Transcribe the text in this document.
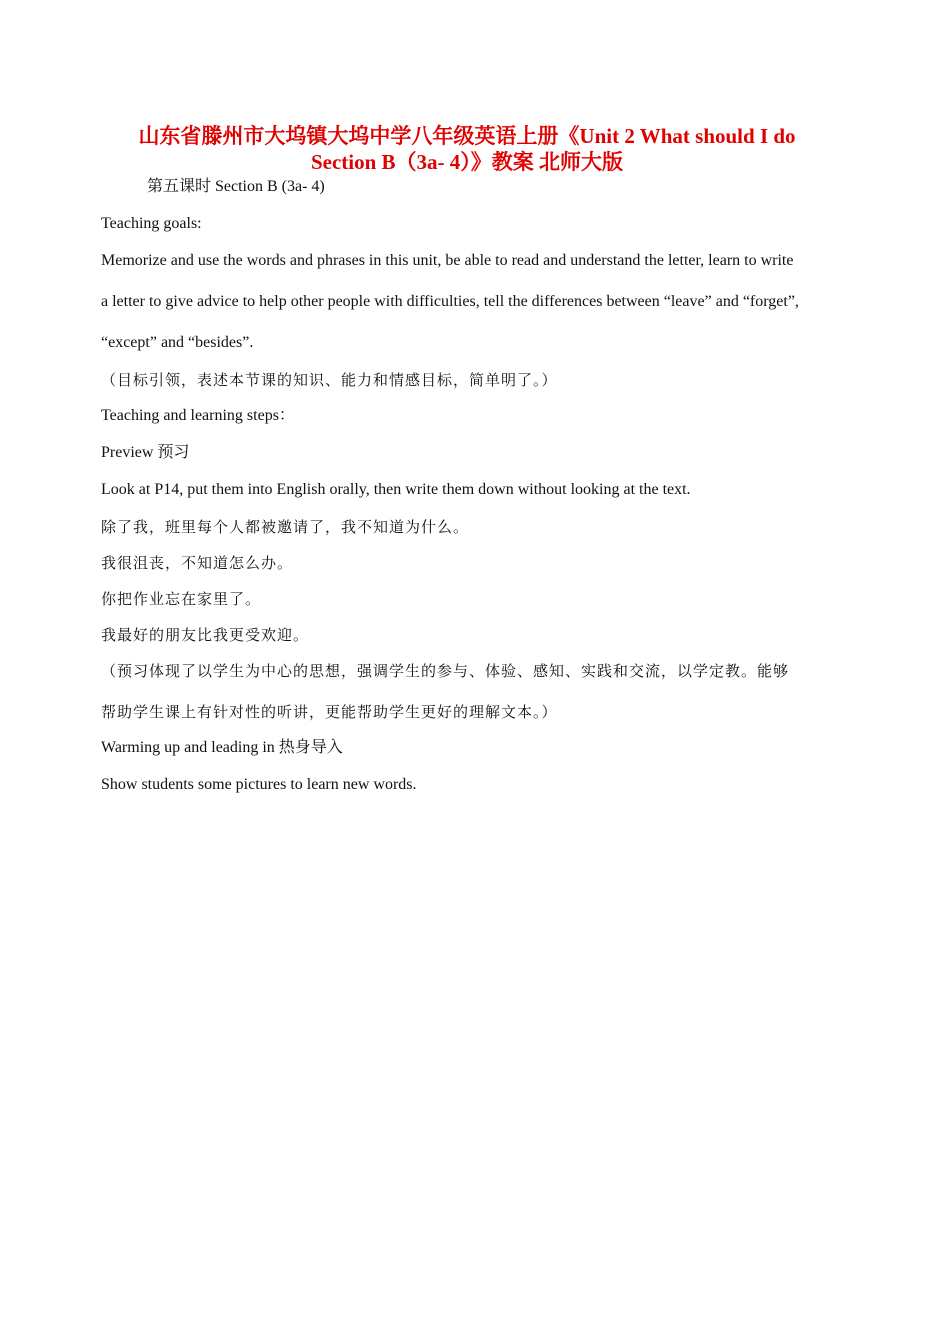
山东省滕州市大坞镇大坞中学八年级英语上册《Unit 2 What should I do
Section B（3a- 4）》教案 北师大版

第五课时 Section B (3a- 4)

Teaching goals:

Memorize and use the words and phrases in this unit, be able to read and understand the letter, learn to write

a letter to give advice to help other people with difficulties, tell the differences between “leave” and “forget”,

“except” and “besides”.

（目标引领，表述本节课的知识、能力和情感目标，简单明了。）

Teaching and learning steps：

Preview 预习

Look at P14, put them into English orally, then write them down without looking at the text.

除了我，班里每个人都被邀请了，我不知道为什么。

我很沮丧，不知道怎么办。

你把作业忘在家里了。

我最好的朋友比我更受欢迎。

（预习体现了以学生为中心的思想，强调学生的参与、体验、感知、实践和交流，以学定教。能够

帮助学生课上有针对性的听讲，更能帮助学生更好的理解文本。）

Warming up and leading in 热身导入

Show students some pictures to learn new words.
